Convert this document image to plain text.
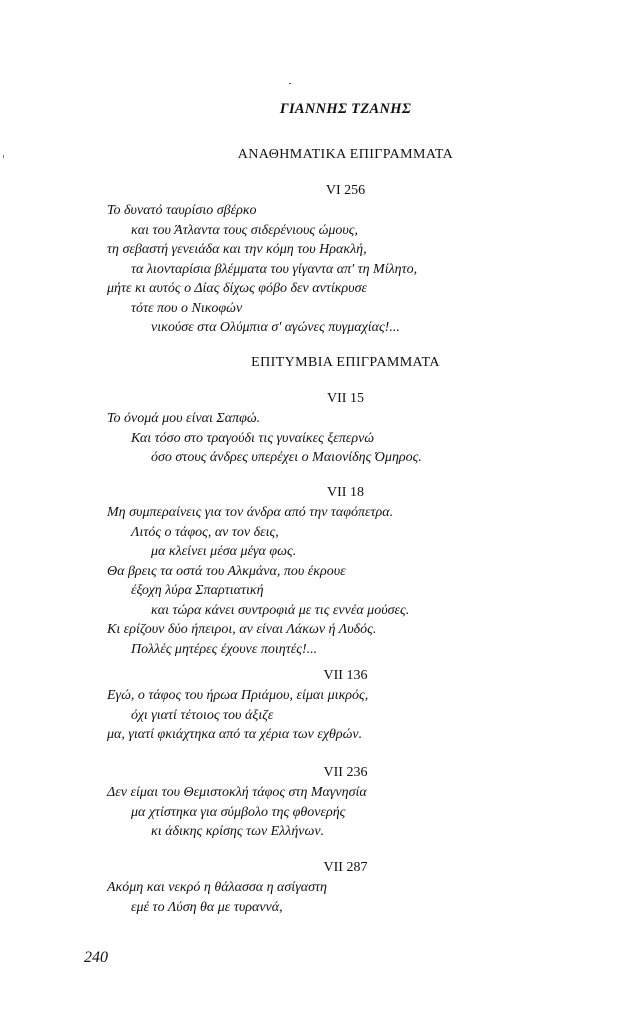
ΓΙΑΝΝΗΣ ΤΖΑΝΗΣ
ΑΝΑΘΗΜΑΤΙΚΑ ΕΠΙΓΡΑΜΜΑΤΑ
VI 256
Το δυνατό ταυρίσιο σβέρκο
και του Άτλαντα τους σιδερένιους ώμους,
τη σεβαστή γενειάδα και την κόμη του Ηρακλή,
τα λιονταρίσια βλέμματα του γίγαντα απ' τη Μίλητο,
μήτε κι αυτός ο Δίας δίχως φόβο δεν αντίκρυσε
τότε που ο Νικοφών
νικούσε στα Ολύμπια σ' αγώνες πυγμαχίας!...
ΕΠΙΤΥΜΒΙΑ ΕΠΙΓΡΑΜΜΑΤΑ
VII 15
Το όνομά μου είναι Σαπφώ.
Και τόσο στο τραγούδι τις γυναίκες ξεπερνώ
όσο στους άνδρες υπερέχει ο Μαιονίδης Όμηρος.
VII 18
Μη συμπεραίνεις για τον άνδρα από την ταφόπετρα.
Λιτός ο τάφος, αν τον δεις,
μα κλείνει μέσα μέγα φως.
Θα βρεις τα οστά του Αλκμάνα, που έκρουε
έξοχη λύρα Σπαρτιατική
και τώρα κάνει συντροφιά με τις εννέα μούσες.
Κι ερίζουν δύο ήπειροι, αν είναι Λάκων ή Λυδός.
Πολλές μητέρες έχουνε ποιητές!...
VII 136
Εγώ, ο τάφος του ήρωα Πριάμου, είμαι μικρός,
όχι γιατί τέτοιος του άξιζε
μα, γιατί φκιάχτηκα από τα χέρια των εχθρών.
VII 236
Δεν είμαι του Θεμιστοκλή τάφος στη Μαγνησία
μα χτίστηκα για σύμβολο της φθονερής
κι άδικης κρίσης των Ελλήνων.
VII 287
Ακόμη και νεκρό η θάλασσα η ασίγαστη
εμέ το Λύση θα με τυραννά,
240
